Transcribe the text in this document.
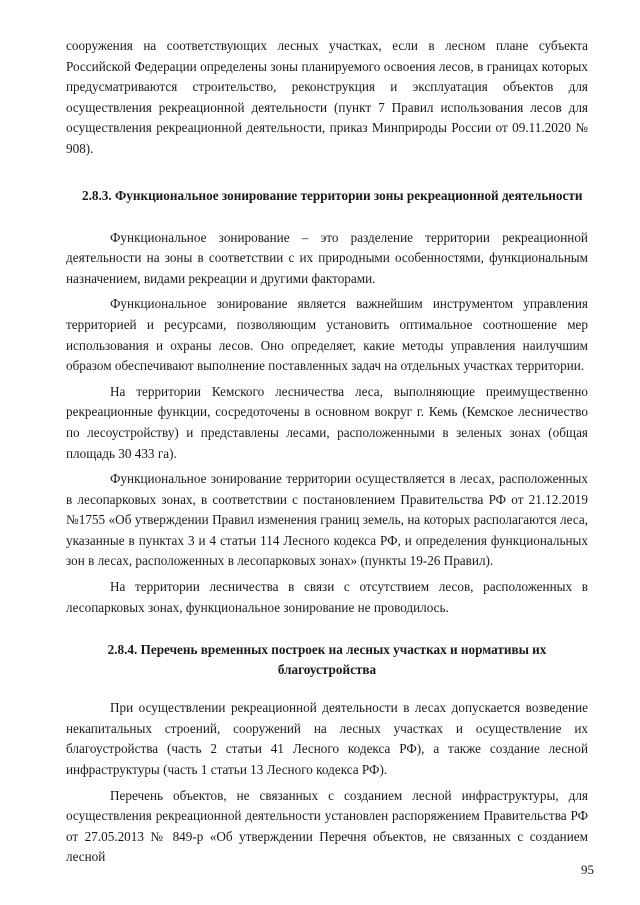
сооружения на соответствующих лесных участках, если в лесном плане субъекта Российской Федерации определены зоны планируемого освоения лесов, в границах которых предусматриваются строительство, реконструкция и эксплуатация объектов для осуществления рекреационной деятельности (пункт 7 Правил использования лесов для осуществления рекреационной деятельности, приказ Минприроды России от 09.11.2020 № 908).

2.8.3. Функциональное зонирование территории зоны рекреационной деятельности

Функциональное зонирование – это разделение территории рекреационной деятельности на зоны в соответствии с их природными особенностями, функциональным назначением, видами рекреации и другими факторами.

Функциональное зонирование является важнейшим инструментом управления территорией и ресурсами, позволяющим установить оптимальное соотношение мер использования и охраны лесов. Оно определяет, какие методы управления наилучшим образом обеспечивают выполнение поставленных задач на отдельных участках территории.

На территории Кемского лесничества леса, выполняющие преимущественно рекреационные функции, сосредоточены в основном вокруг г. Кемь (Кемское лесничество по лесоустройству) и представлены лесами, расположенными в зеленых зонах (общая площадь 30 433 га).

Функциональное зонирование территории осуществляется в лесах, расположенных в лесопарковых зонах, в соответствии с постановлением Правительства РФ от 21.12.2019 №1755 «Об утверждении Правил изменения границ земель, на которых располагаются леса, указанные в пунктах 3 и 4 статьи 114 Лесного кодекса РФ, и определения функциональных зон в лесах, расположенных в лесопарковых зонах» (пункты 19-26 Правил).

На территории лесничества в связи с отсутствием лесов, расположенных в лесопарковых зонах, функциональное зонирование не проводилось.

2.8.4. Перечень временных построек на лесных участках и нормативы их
благоустройства

При осуществлении рекреационной деятельности в лесах допускается возведение некапитальных строений, сооружений на лесных участках и осуществление их благоустройства (часть 2 статьи 41 Лесного кодекса РФ), а также создание лесной инфраструктуры (часть 1 статьи 13 Лесного кодекса РФ).

Перечень объектов, не связанных с созданием лесной инфраструктуры, для осуществления рекреационной деятельности установлен распоряжением Правительства РФ от 27.05.2013 № 849-р «Об утверждении Перечня объектов, не связанных с созданием лесной

95
